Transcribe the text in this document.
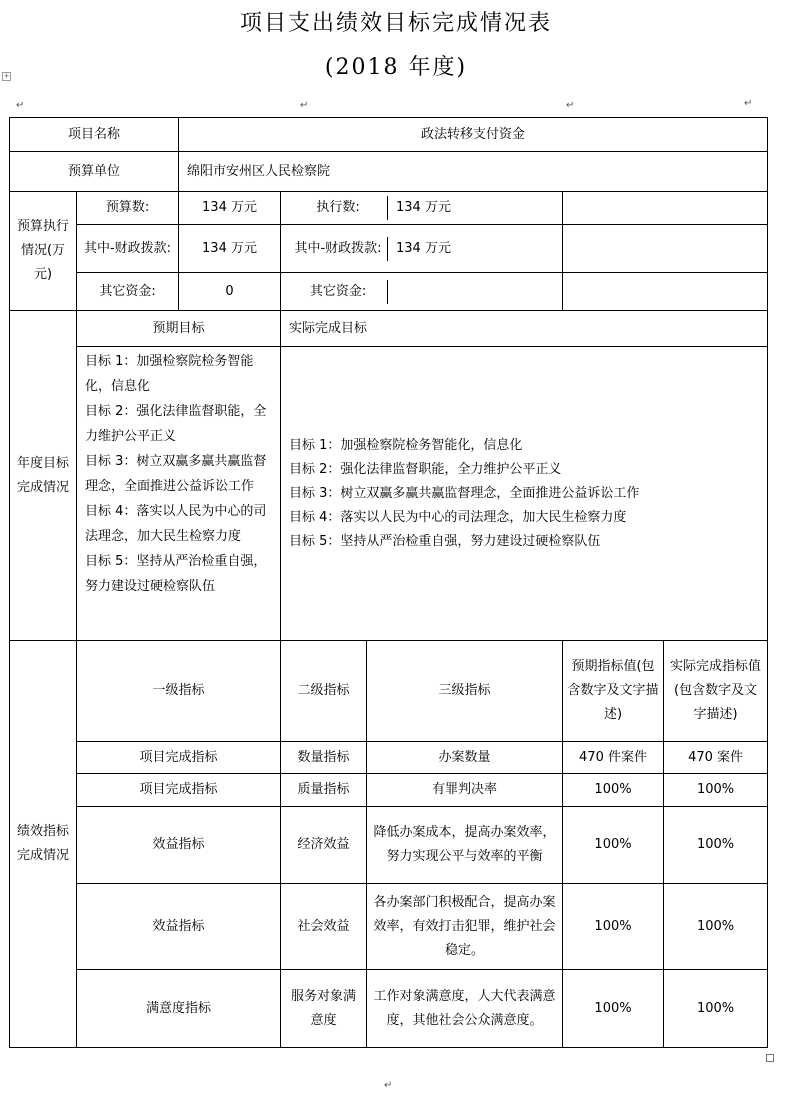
项目支出绩效目标完成情况表
(2018 年度)
+
↵	↵	↵	↵
↵
项目名称	政法转移支付资金
预算单位	绵阳市安州区人民检察院
预算执行情况(万元)	预算数:	134 万元		执行数:	134 万元

其中-财政拨款:	134 万元		其中-财政拨款:	134 万元

其它资金:	0		其它资金:	

年度目标完成情况	预期目标	实际完成目标

目标 1：加强检察院检务智能化，信息化
目标 2：强化法律监督职能，全力维护公平正义
目标 3：树立双赢多赢共赢监督理念，全面推进公益诉讼工作
目标 4：落实以人民为中心的司法理念，加大民生检察力度
目标 5：坚持从严治检重自强，努力建设过硬检察队伍

目标 1：加强检察院检务智能化，信息化
目标 2：强化法律监督职能，全力维护公平正义
目标 3：树立双赢多赢共赢监督理念，全面推进公益诉讼工作
目标 4：落实以人民为中心的司法理念，加大民生检察力度
目标 5：坚持从严治检重自强，努力建设过硬检察队伍

绩效指标完成情况	一级指标	二级指标	三级指标	预期指标值(包含数字及文字描述)	实际完成指标值(包含数字及文字描述)
项目完成指标	数量指标	办案数量	470 件案件	470 案件
项目完成指标	质量指标	有罪判决率	100%	100%
效益指标	经济效益	降低办案成本，提高办案效率，努力实现公平与效率的平衡	100%	100%
效益指标	社会效益	各办案部门积极配合，提高办案效率，有效打击犯罪，维护社会稳定。	100%	100%
满意度指标	服务对象满意度	工作对象满意度，人大代表满意度，其他社会公众满意度。	100%	100%
